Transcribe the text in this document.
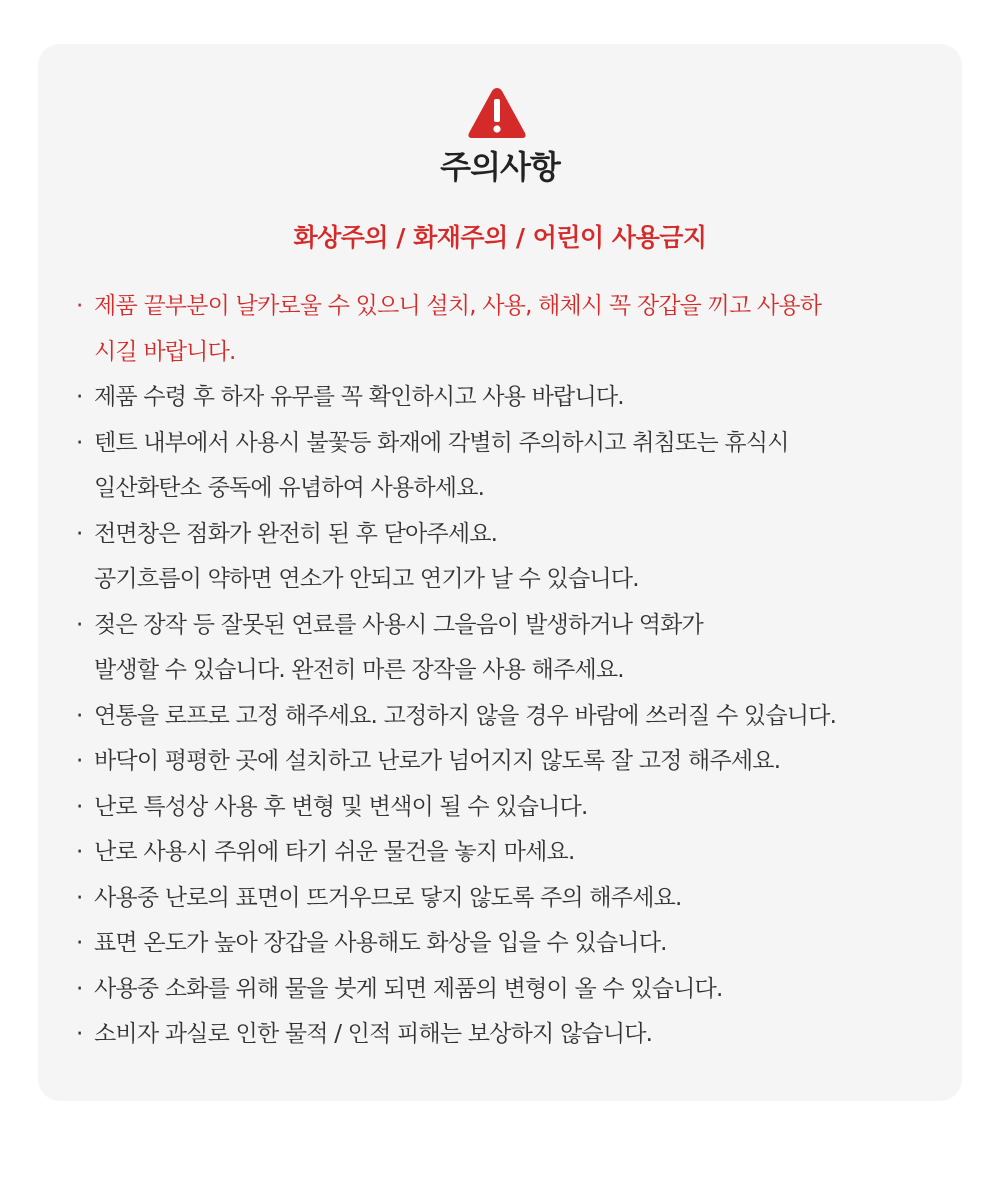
주의사항
화상주의 / 화재주의 / 어린이 사용금지
· 제품 끝부분이 날카로울 수 있으니 설치, 사용, 해체시 꼭 장갑을 끼고 사용하
시길 바랍니다.
· 제품 수령 후 하자 유무를 꼭 확인하시고 사용 바랍니다.
· 텐트 내부에서 사용시 불꽃등 화재에 각별히 주의하시고 취침또는 휴식시
일산화탄소 중독에 유념하여 사용하세요.
· 전면창은 점화가 완전히 된 후 닫아주세요.
공기흐름이 약하면 연소가 안되고 연기가 날 수 있습니다.
· 젖은 장작 등 잘못된 연료를 사용시 그을음이 발생하거나 역화가
발생할 수 있습니다. 완전히 마른 장작을 사용 해주세요.
· 연통을 로프로 고정 해주세요. 고정하지 않을 경우 바람에 쓰러질 수 있습니다.
· 바닥이 평평한 곳에 설치하고 난로가 넘어지지 않도록 잘 고정 해주세요.
· 난로 특성상 사용 후 변형 및 변색이 될 수 있습니다.
· 난로 사용시 주위에 타기 쉬운 물건을 놓지 마세요.
· 사용중 난로의 표면이 뜨거우므로 닿지 않도록 주의 해주세요.
· 표면 온도가 높아 장갑을 사용해도 화상을 입을 수 있습니다.
· 사용중 소화를 위해 물을 붓게 되면 제품의 변형이 올 수 있습니다.
· 소비자 과실로 인한 물적 / 인적 피해는 보상하지 않습니다.
